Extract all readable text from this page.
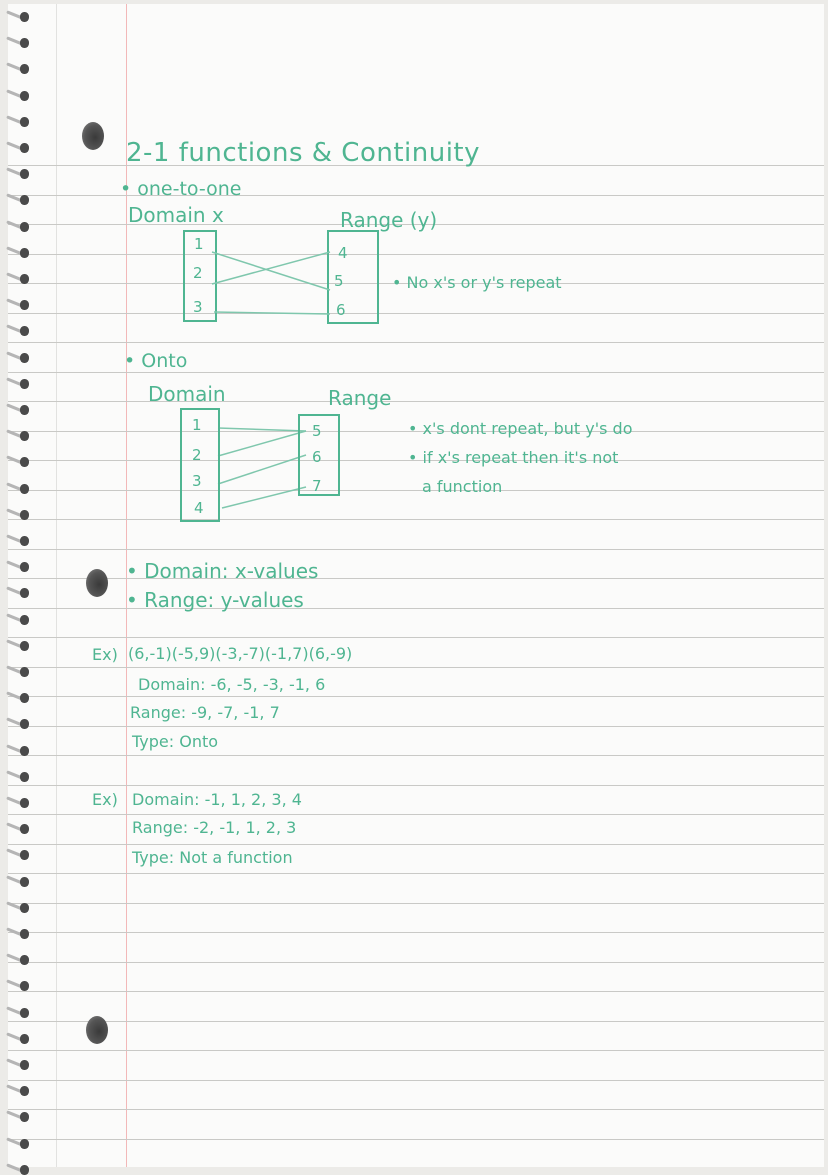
2-1 functions & Continuity
• one-to-one
Domain x	Range (y)
1
2
3
4
5
6
• No x's or y's repeat
• Onto
Domain	Range
1
2
3
4
5
6
7
• x's dont repeat, but y's do
• if x's repeat then it's not
a function
• Domain: x-values
• Range: y-values
Ex) (6,-1)(-5,9)(-3,-7)(-1,7)(6,-9)
Domain: -6, -5, -3, -1, 6
Range: -9, -7, -1, 7
Type: Onto
Ex) Domain: -1, 1, 2, 3, 4
Range: -2, -1, 1, 2, 3
Type: Not a function
